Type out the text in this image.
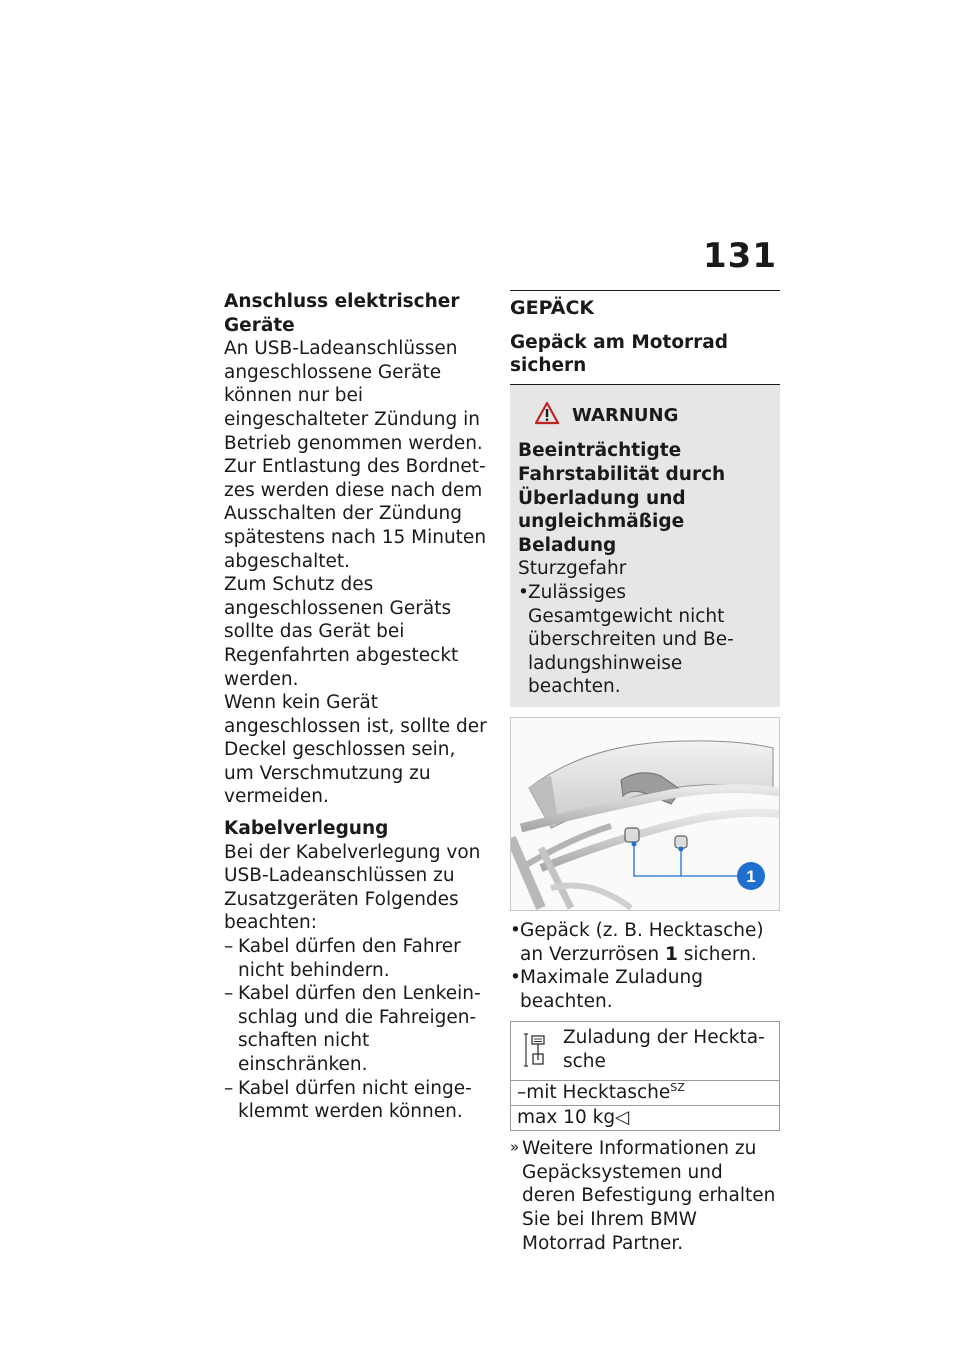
131

Anschluss elektrischer Geräte

An USB-Ladeanschlüssen angeschlossene Geräte können nur bei eingeschalteter Zündung in Betrieb genommen werden.

Zur Entlastung des Bordnetzes werden diese nach dem Ausschalten der Zündung spätestens nach 15 Minuten abgeschaltet.

Zum Schutz des angeschlossenen Geräts sollte das Gerät bei Regenfahrten abgesteckt werden.

Wenn kein Gerät angeschlossen ist, sollte der Deckel geschlossen sein, um Verschmutzung zu vermeiden.

Kabelverlegung

Bei der Kabelverlegung von USB-Ladeanschlüssen zu Zusatzgeräten Folgendes beachten:

– Kabel dürfen den Fahrer nicht behindern.
– Kabel dürfen den Lenkeinschlag und die Fahreigenschaften nicht einschränken.
– Kabel dürfen nicht eingeklemmt werden können.
GEPÄCK
Gepäck am Motorrad sichern
WARNUNG

Beeinträchtigte Fahrstabilität durch Überladung und ungleichmäßige Beladung

Sturzgefahr

• Zulässiges Gesamtgewicht nicht überschreiten und Beladungshinweise beachten.
1
• Gepäck (z. B. Hecktasche) an Verzurrösen 1 sichern.
• Maximale Zuladung beachten.
Zuladung der Hecktasche
–mit Hecktasche$^{SZ}$
max 10 kg◁
» Weitere Informationen zu Gepäcksystemen und deren Befestigung erhalten Sie bei Ihrem BMW Motorrad Partner.
